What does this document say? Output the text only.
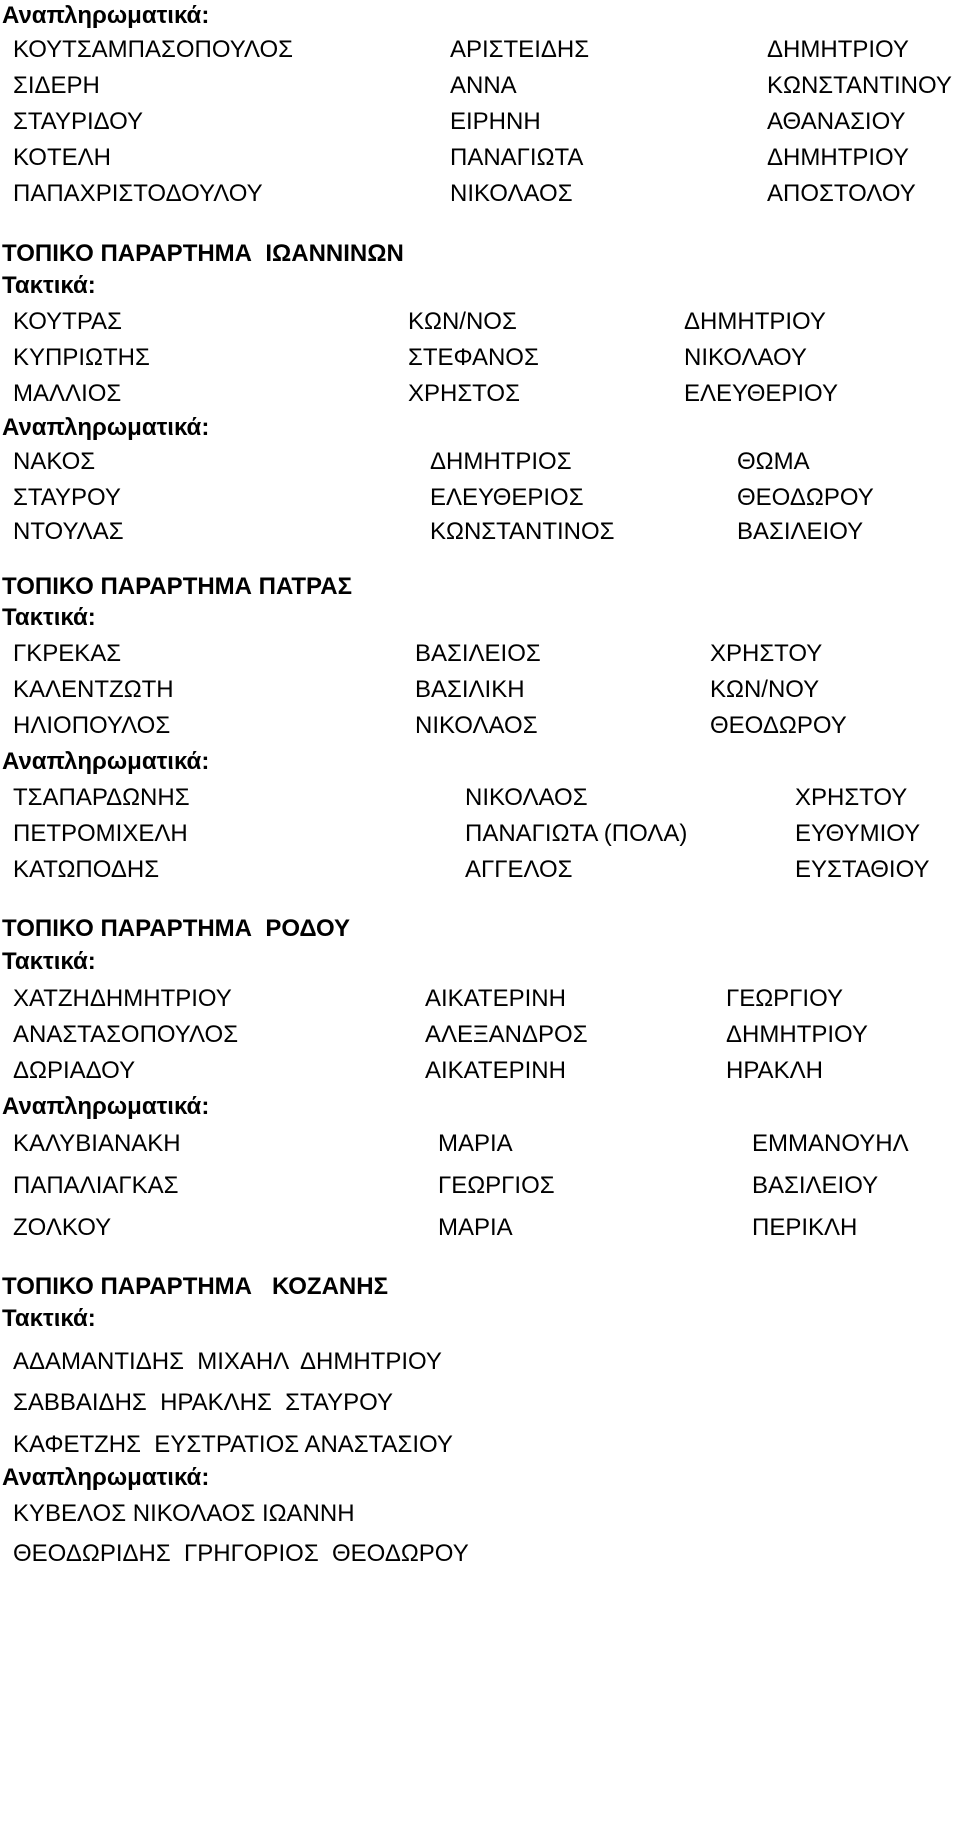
Αναπληρωματικά:
ΚΟΥΤΣΑΜΠΑΣΟΠΟΥΛΟΣ	ΑΡΙΣΤΕΙΔΗΣ	ΔΗΜΗΤΡΙΟΥ
ΣΙΔΕΡΗ	ΑΝΝΑ	ΚΩΝΣΤΑΝΤΙΝΟΥ
ΣΤΑΥΡΙΔΟΥ	ΕΙΡΗΝΗ	ΑΘΑΝΑΣΙΟΥ
ΚΟΤΕΛΗ	ΠΑΝΑΓΙΩΤΑ	ΔΗΜΗΤΡΙΟΥ
ΠΑΠΑΧΡΙΣΤΟΔΟΥΛΟΥ	ΝΙΚΟΛΑΟΣ	ΑΠΟΣΤΟΛΟΥ
ΤΟΠΙΚΟ ΠΑΡΑΡΤΗΜΑ  ΙΩΑΝΝΙΝΩΝ
Τακτικά:
ΚΟΥΤΡΑΣ	ΚΩΝ/ΝΟΣ	ΔΗΜΗΤΡΙΟΥ
ΚΥΠΡΙΩΤΗΣ	ΣΤΕΦΑΝΟΣ	ΝΙΚΟΛΑΟΥ
ΜΑΛΛΙΟΣ	ΧΡΗΣΤΟΣ	ΕΛΕΥΘΕΡΙΟΥ
Αναπληρωματικά:
ΝΑΚΟΣ	ΔΗΜΗΤΡΙΟΣ	ΘΩΜΑ
ΣΤΑΥΡΟΥ	ΕΛΕΥΘΕΡΙΟΣ	ΘΕΟΔΩΡΟΥ
ΝΤΟΥΛΑΣ	ΚΩΝΣΤΑΝΤΙΝΟΣ	ΒΑΣΙΛΕΙΟΥ
ΤΟΠΙΚΟ ΠΑΡΑΡΤΗΜΑ ΠΑΤΡΑΣ
Τακτικά:
ΓΚΡΕΚΑΣ	ΒΑΣΙΛΕΙΟΣ	ΧΡΗΣΤΟΥ
ΚΑΛΕΝΤΖΩΤΗ	ΒΑΣΙΛΙΚΗ	ΚΩΝ/ΝΟΥ
ΗΛΙΟΠΟΥΛΟΣ	ΝΙΚΟΛΑΟΣ	ΘΕΟΔΩΡΟΥ
Αναπληρωματικά:
ΤΣΑΠΑΡΔΩΝΗΣ	ΝΙΚΟΛΑΟΣ	ΧΡΗΣΤΟΥ
ΠΕΤΡΟΜΙΧΕΛΗ	ΠΑΝΑΓΙΩΤΑ (ΠΟΛΑ)	ΕΥΘΥΜΙΟΥ
ΚΑΤΩΠΟΔΗΣ	ΑΓΓΕΛΟΣ	ΕΥΣΤΑΘΙΟΥ
ΤΟΠΙΚΟ ΠΑΡΑΡΤΗΜΑ  ΡΟΔΟΥ
Τακτικά:
ΧΑΤΖΗΔΗΜΗΤΡΙΟΥ	ΑΙΚΑΤΕΡΙΝΗ	ΓΕΩΡΓΙΟΥ
ΑΝΑΣΤΑΣΟΠΟΥΛΟΣ	ΑΛΕΞΑΝΔΡΟΣ	ΔΗΜΗΤΡΙΟΥ
ΔΩΡΙΑΔΟΥ	ΑΙΚΑΤΕΡΙΝΗ	ΗΡΑΚΛΗ
Αναπληρωματικά:
ΚΑΛΥΒΙΑΝΑΚΗ	ΜΑΡΙΑ	ΕΜΜΑΝΟΥΗΛ
ΠΑΠΑΛΙΑΓΚΑΣ	ΓΕΩΡΓΙΟΣ	ΒΑΣΙΛΕΙΟΥ
ΖΟΛΚΟΥ	ΜΑΡΙΑ	ΠΕΡΙΚΛΗ
ΤΟΠΙΚΟ ΠΑΡΑΡΤΗΜΑ   ΚΟΖΑΝΗΣ
Τακτικά:
ΑΔΑΜΑΝΤΙΔΗΣ  ΜΙΧΑΗΛ  ΔΗΜΗΤΡΙΟΥ
ΣΑΒΒΑΙΔΗΣ  ΗΡΑΚΛΗΣ  ΣΤΑΥΡΟΥ
ΚΑΦΕΤΖΗΣ  ΕΥΣΤΡΑΤΙΟΣ ΑΝΑΣΤΑΣΙΟΥ
Αναπληρωματικά:
ΚΥΒΕΛΟΣ ΝΙΚΟΛΑΟΣ ΙΩΑΝΝΗ
ΘΕΟΔΩΡΙΔΗΣ  ΓΡΗΓΟΡΙΟΣ  ΘΕΟΔΩΡΟΥ
